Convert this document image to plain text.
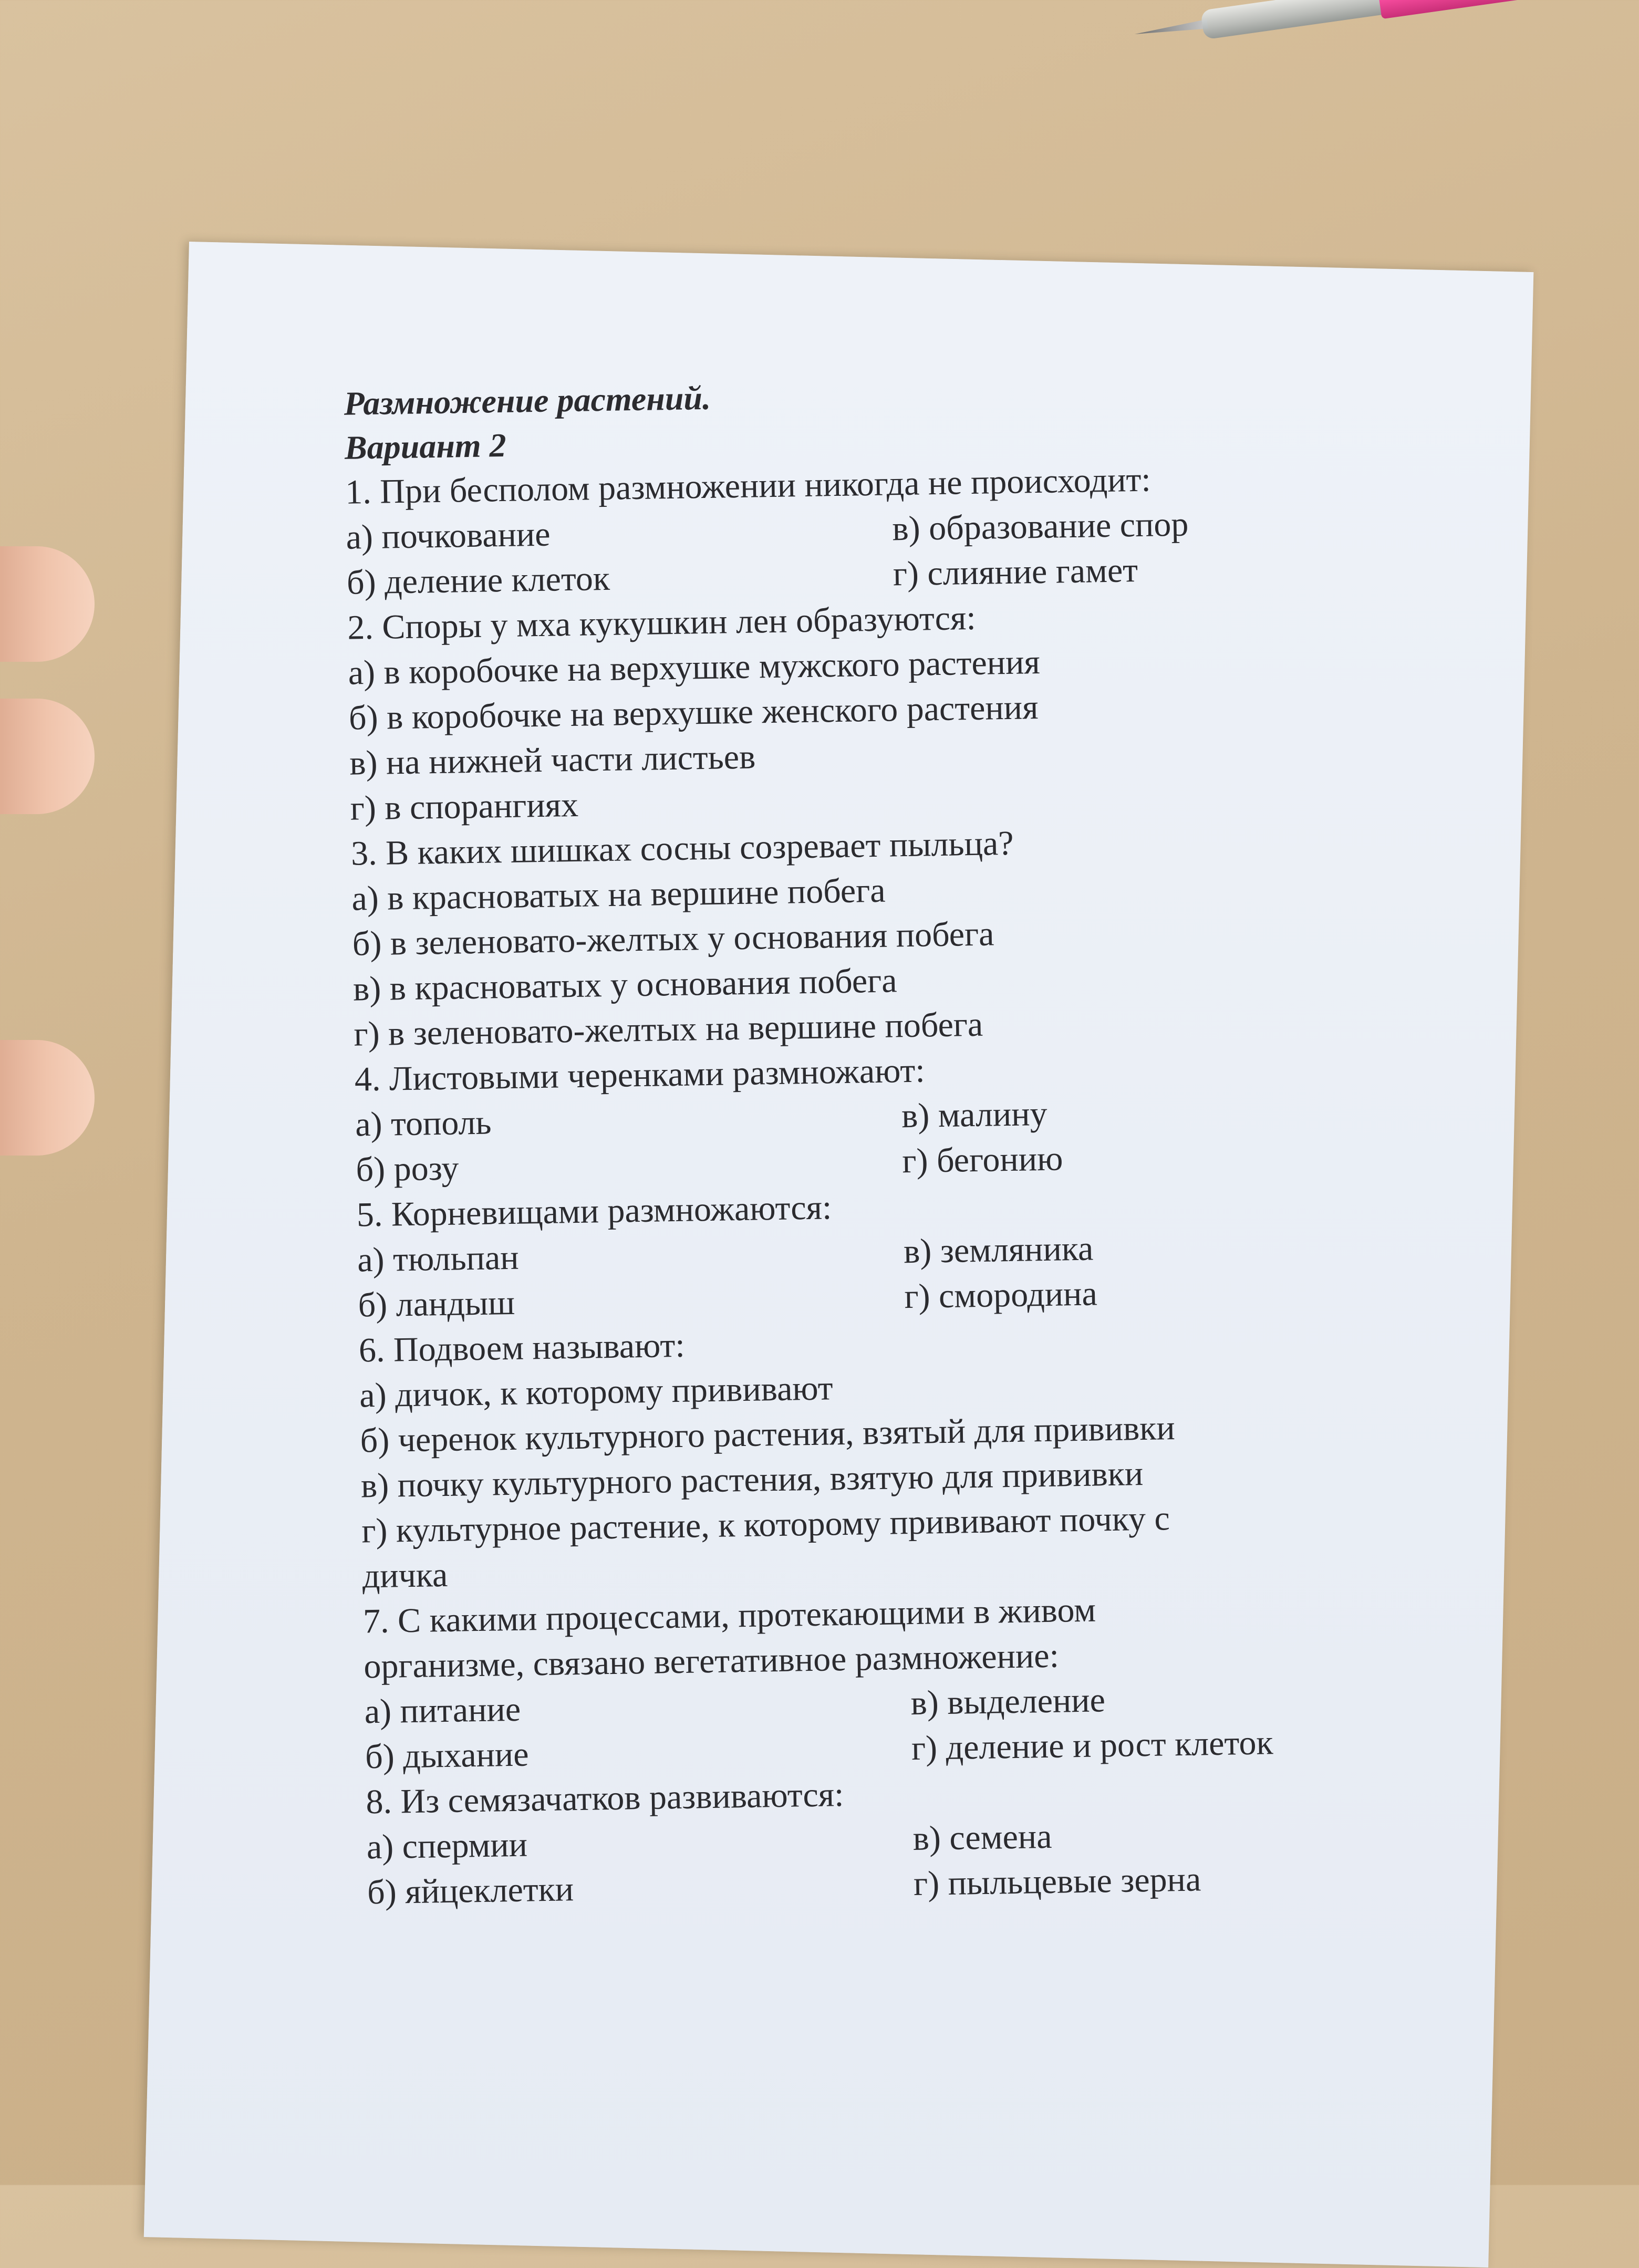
Размножение растений.
Вариант 2
1. При бесполом размножении никогда не происходит:
а) почкование	в) образование спор
б) деление клеток	г) слияние гамет
2. Споры у мха кукушкин лен образуются:
а) в коробочке на верхушке мужского растения
б) в коробочке на верхушке женского растения
в) на нижней части листьев
г) в спорангиях
3. В каких шишках сосны созревает пыльца?
а) в красноватых на вершине побега
б) в зеленовато-желтых у основания побега
в) в красноватых у основания побега
г) в зеленовато-желтых на вершине побега
4. Листовыми черенками размножают:
а) тополь	в) малину
б) розу	г) бегонию
5. Корневищами размножаются:
а) тюльпан	в) земляника
б) ландыш	г) смородина
6. Подвоем называют:
а) дичок, к которому прививают
б) черенок культурного растения, взятый для прививки
в) почку культурного растения, взятую для прививки
г) культурное растение, к которому прививают почку с
дичка
7. С какими процессами, протекающими в живом
организме, связано вегетативное размножение:
а) питание	в) выделение
б) дыхание	г) деление и рост клеток
8. Из семязачатков развиваются:
а) спермии	в) семена
б) яйцеклетки	г) пыльцевые зерна
